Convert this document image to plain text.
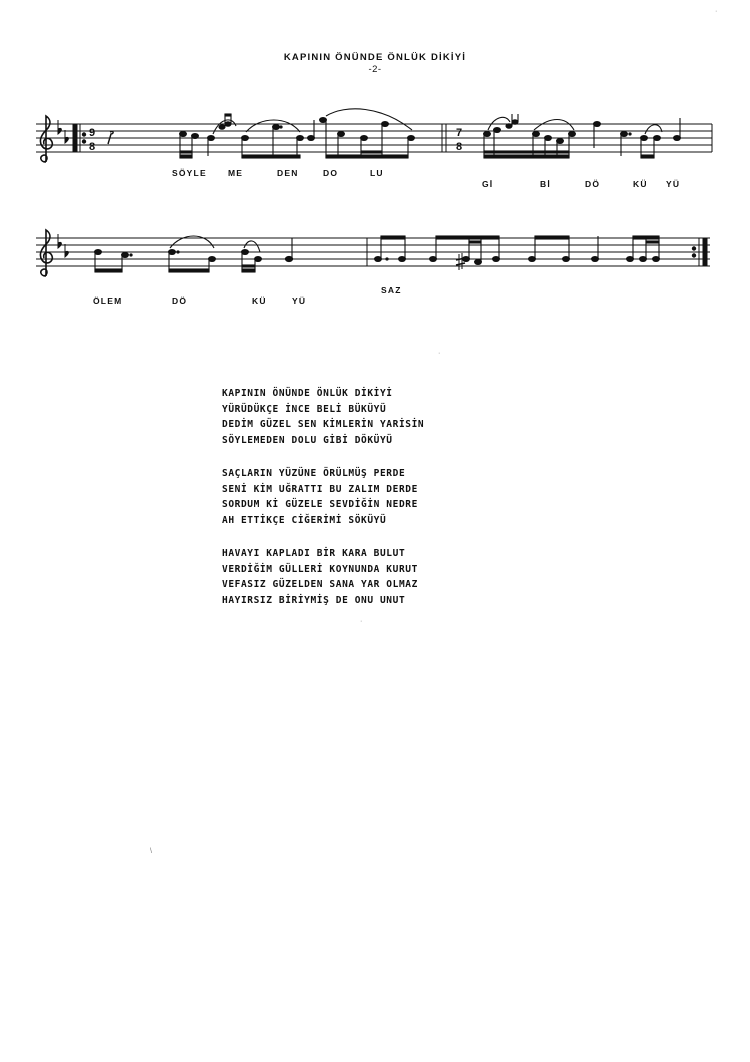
KAPININ ÖNÜNDE ÖNLÜK DİKİYİ
-2-
9
8
7
8
SÖYLE ME	DEN	DO	LU
Gİ	Bİ	DÖ	KÜ YÜ
ÖLEM	DÖ	KÜ	YÜ
SAZ
KAPININ ÖNÜNDE ÖNLÜK DİKİYİ
YÜRÜDÜKÇE İNCE BELİ BÜKÜYÜ
DEDİM GÜZEL SEN KİMLERİN YARİSİN
SÖYLEMEDEN DOLU GİBİ DÖKÜYÜ
SAÇLARIN YÜZÜNE ÖRÜLMÜŞ PERDE
SENİ KİM UĞRATTI BU ZALIM DERDE
SORDUM Kİ GÜZELE SEVDİĞİN NEDRE
AH ETTİKÇE CİĞERİMİ SÖKÜYÜ
HAVAYI KAPLADI BİR KARA BULUT
VERDİĞİM GÜLLERİ KOYNUNDA KURUT
VEFASIZ GÜZELDEN SANA YAR OLMAZ
HAYIRSIZ BİRİYMİŞ DE ONU UNUT
·
·
\
·
